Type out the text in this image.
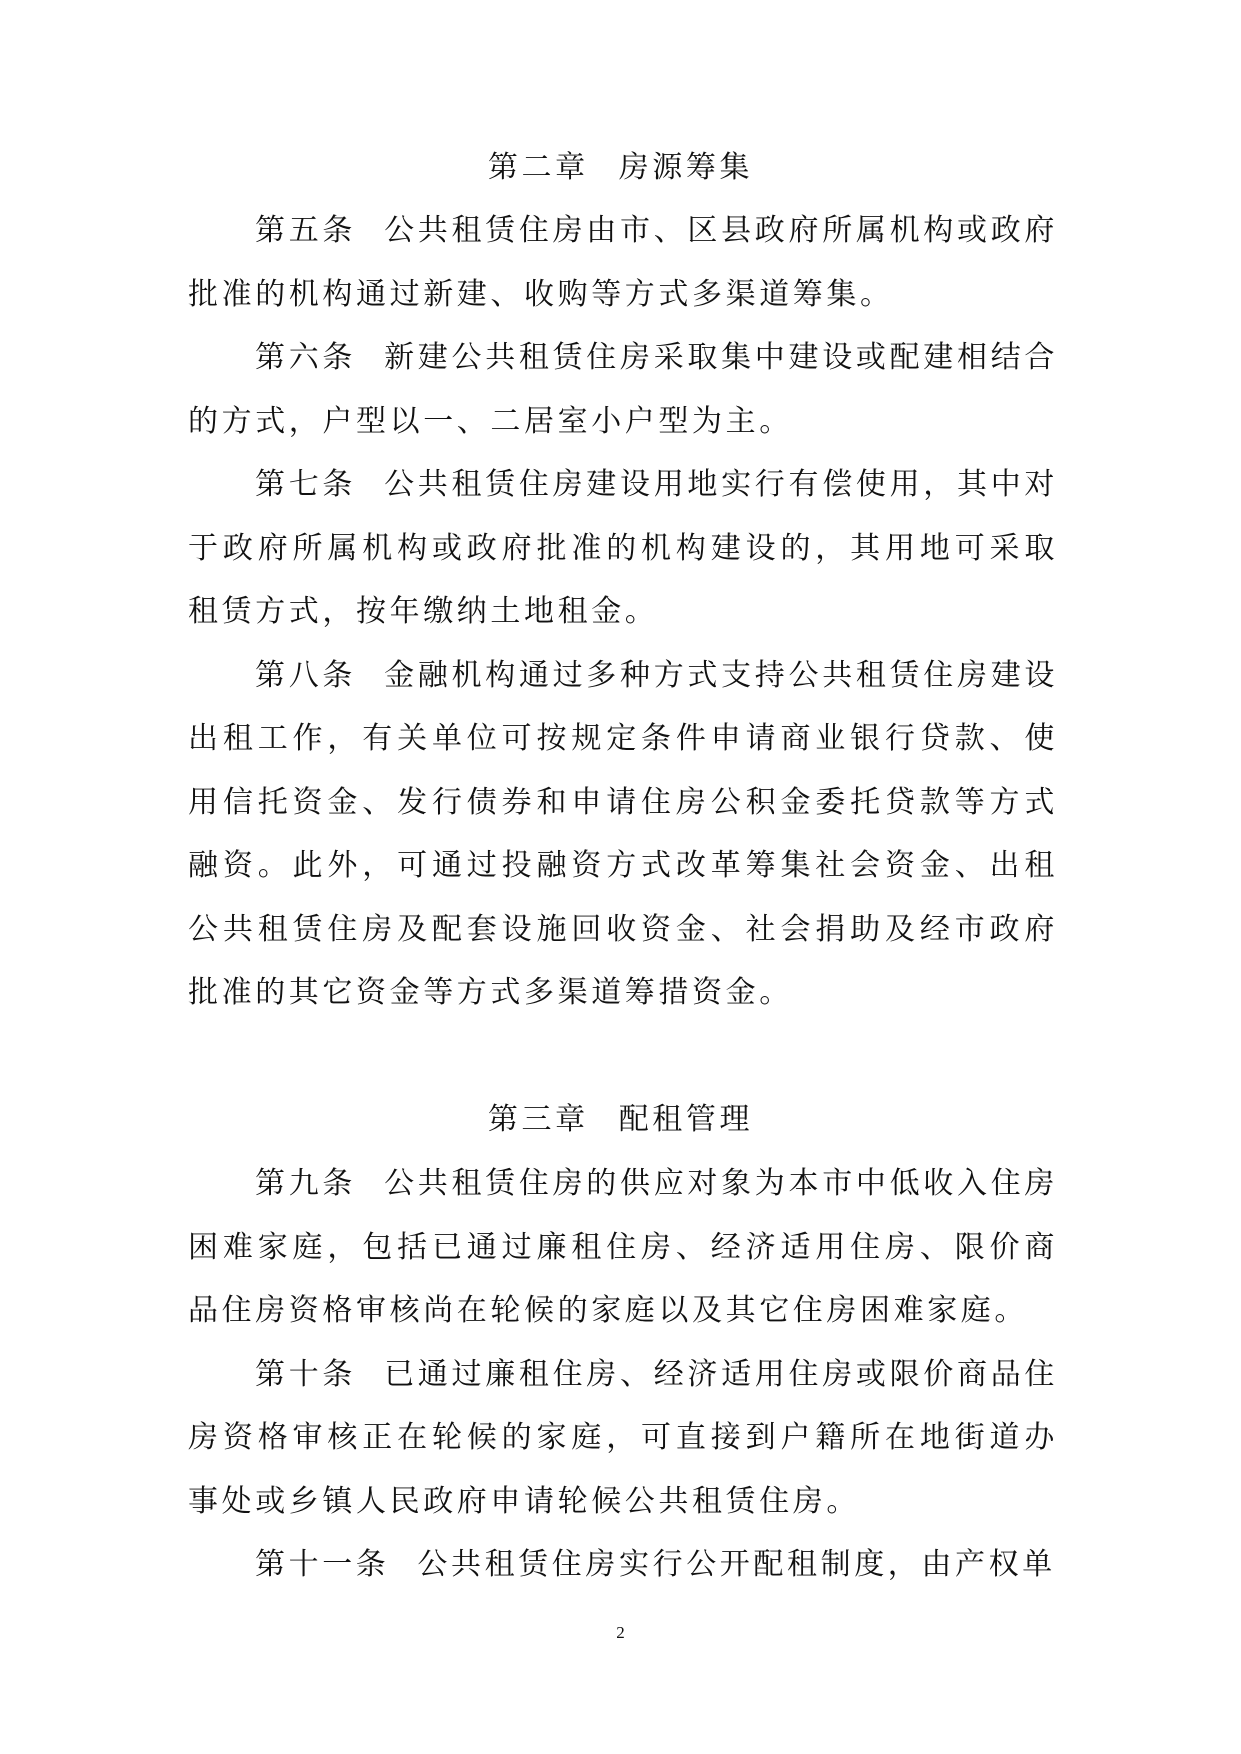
第二章 房源筹集

第五条 公共租赁住房由市、区县政府所属机构或政府批准的机构通过新建、收购等方式多渠道筹集。

第六条 新建公共租赁住房采取集中建设或配建相结合的方式，户型以一、二居室小户型为主。

第七条 公共租赁住房建设用地实行有偿使用，其中对于政府所属机构或政府批准的机构建设的，其用地可采取租赁方式，按年缴纳土地租金。

第八条 金融机构通过多种方式支持公共租赁住房建设出租工作，有关单位可按规定条件申请商业银行贷款、使用信托资金、发行债券和申请住房公积金委托贷款等方式融资。此外，可通过投融资方式改革筹集社会资金、出租公共租赁住房及配套设施回收资金、社会捐助及经市政府批准的其它资金等方式多渠道筹措资金。

第三章 配租管理

第九条 公共租赁住房的供应对象为本市中低收入住房困难家庭，包括已通过廉租住房、经济适用住房、限价商品住房资格审核尚在轮候的家庭以及其它住房困难家庭。

第十条 已通过廉租住房、经济适用住房或限价商品住房资格审核正在轮候的家庭，可直接到户籍所在地街道办事处或乡镇人民政府申请轮候公共租赁住房。

第十一条 公共租赁住房实行公开配租制度，由产权单

2
